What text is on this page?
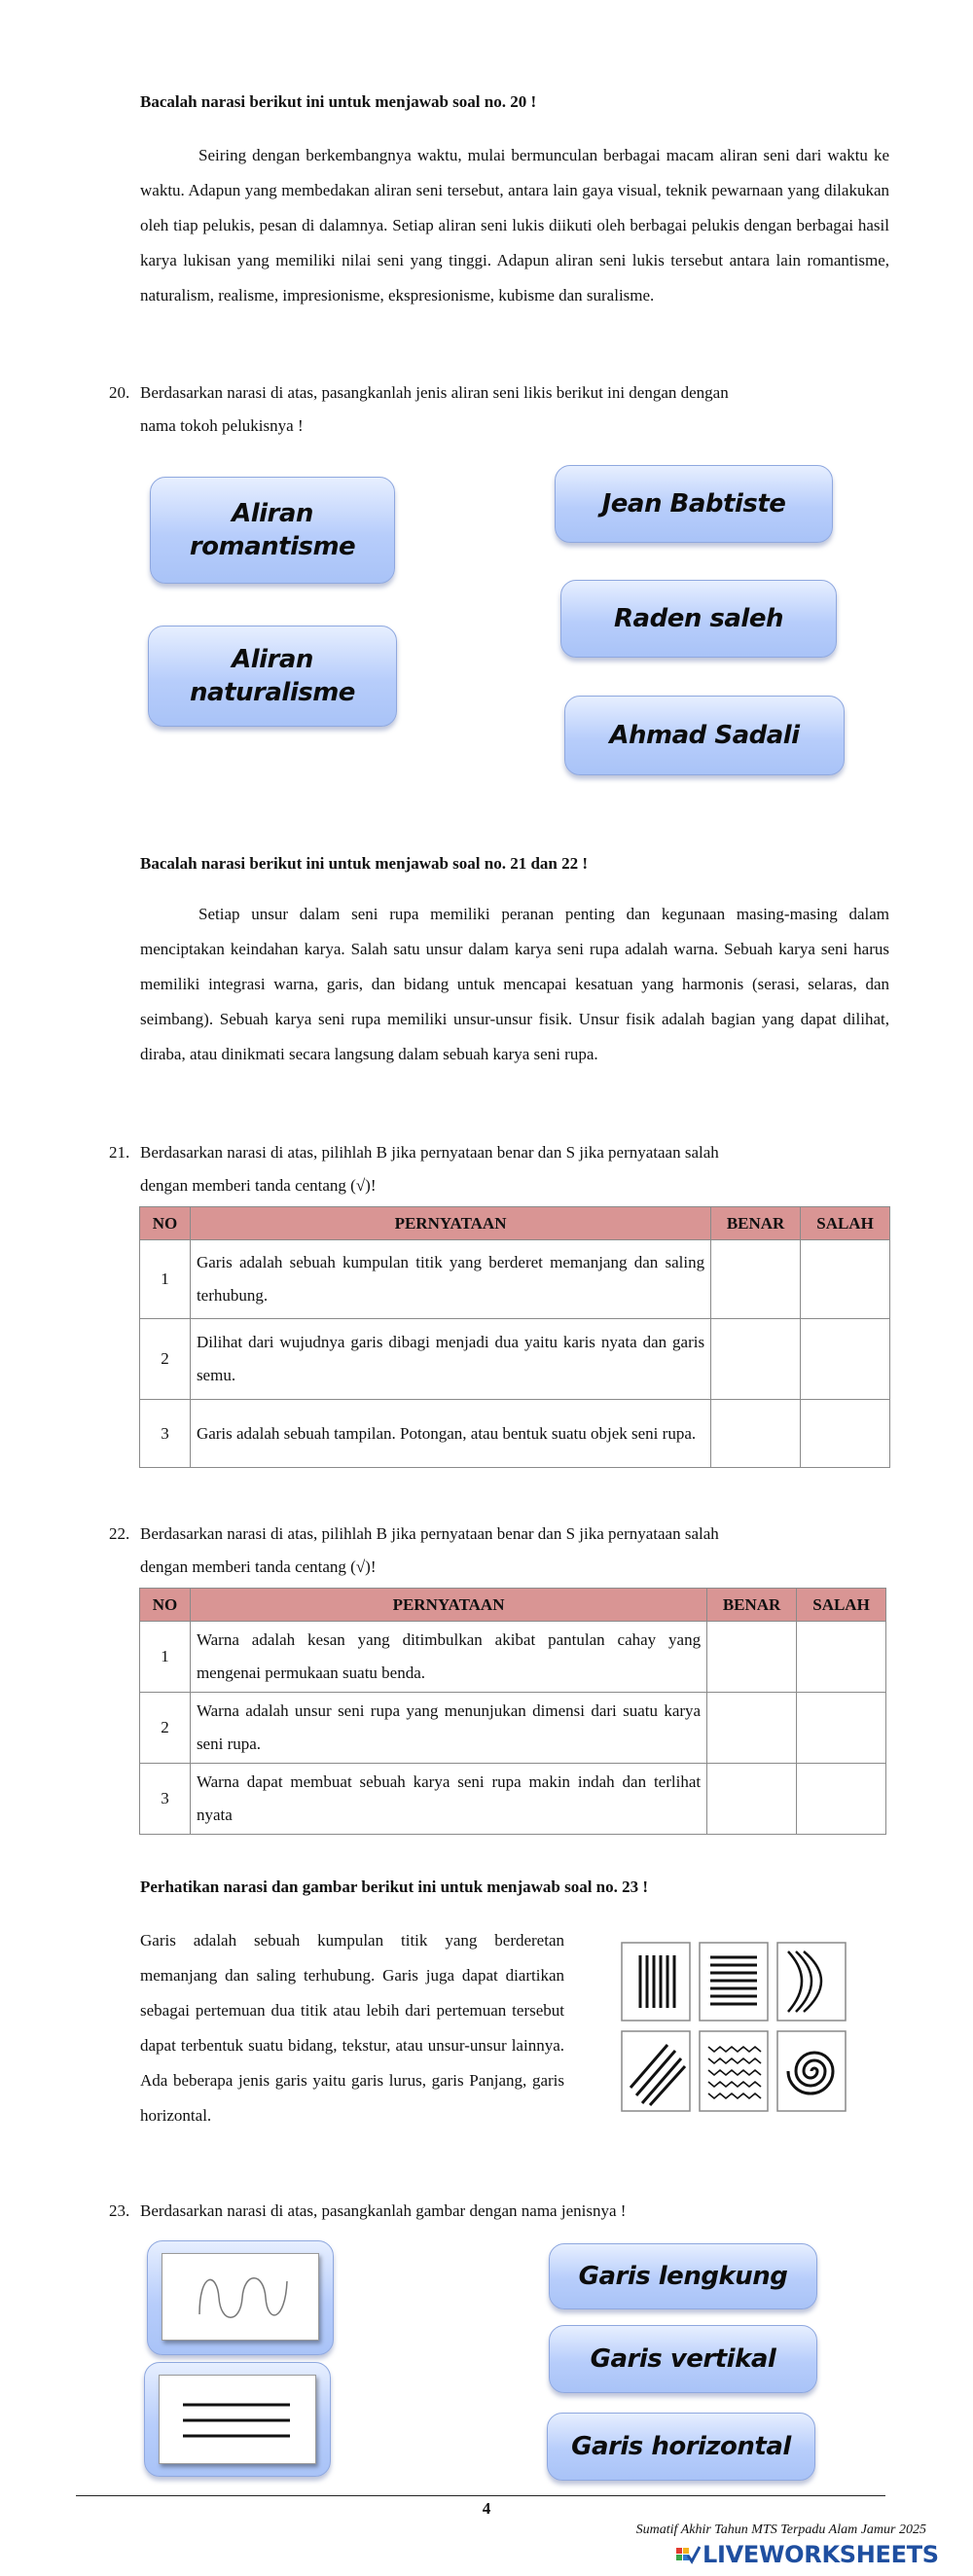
Bacalah narasi berikut ini untuk menjawab soal no. 20 !
Seiring dengan berkembangnya waktu, mulai bermunculan berbagai macam aliran seni dari waktu ke waktu. Adapun yang membedakan aliran seni tersebut, antara lain gaya visual, teknik pewarnaan yang dilakukan oleh tiap pelukis, pesan di dalamnya. Setiap aliran seni lukis diikuti oleh berbagai pelukis dengan berbagai hasil karya lukisan yang memiliki nilai seni yang tinggi. Adapun aliran seni lukis tersebut antara lain romantisme, naturalism, realisme, impresionisme, ekspresionisme, kubisme dan suralisme.
20. Berdasarkan narasi di atas, pasangkanlah jenis aliran seni likis berikut ini dengan dengan
nama tokoh pelukisnya !
Aliran romantisme
Aliran naturalisme
Jean Babtiste
Raden saleh
Ahmad Sadali
Bacalah narasi berikut ini untuk menjawab soal no. 21 dan 22 !
Setiap unsur dalam seni rupa memiliki peranan penting dan kegunaan masing-masing dalam menciptakan keindahan karya. Salah satu unsur dalam karya seni rupa adalah warna. Sebuah karya seni harus memiliki integrasi warna, garis, dan bidang untuk mencapai kesatuan yang harmonis (serasi, selaras, dan seimbang). Sebuah karya seni rupa memiliki unsur-unsur fisik. Unsur fisik adalah bagian yang dapat dilihat, diraba, atau dinikmati secara langsung dalam sebuah karya seni rupa.
21. Berdasarkan narasi di atas, pilihlah B jika pernyataan benar dan S jika pernyataan salah
dengan memberi tanda centang (√)!
NO	PERNYATAAN	BENAR	SALAH
1	Garis adalah sebuah kumpulan titik yang berderet memanjang dan saling terhubung.		
2	Dilihat dari wujudnya garis dibagi menjadi dua yaitu karis nyata dan garis semu.		
3	Garis adalah sebuah tampilan. Potongan, atau bentuk suatu objek seni rupa.		
22. Berdasarkan narasi di atas, pilihlah B jika pernyataan benar dan S jika pernyataan salah
dengan memberi tanda centang (√)!
NO	PERNYATAAN	BENAR	SALAH
1	Warna adalah kesan yang ditimbulkan akibat pantulan cahay yang mengenai permukaan suatu benda.		
2	Warna adalah unsur seni rupa yang menunjukan dimensi dari suatu karya seni rupa.		
3	Warna dapat membuat sebuah karya seni rupa makin indah dan terlihat nyata		
Perhatikan narasi dan gambar berikut ini untuk menjawab soal no. 23 !
Garis adalah sebuah kumpulan titik yang berderetan memanjang dan saling terhubung. Garis juga dapat diartikan sebagai pertemuan dua titik atau lebih dari pertemuan tersebut dapat terbentuk suatu bidang, tekstur, atau unsur-unsur lainnya. Ada beberapa jenis garis yaitu garis lurus, garis Panjang, garis horizontal.
23. Berdasarkan narasi di atas, pasangkanlah gambar dengan nama jenisnya !
Garis lengkung
Garis vertikal
Garis horizontal
4
Sumatif Akhir Tahun MTS Terpadu Alam Jamur 2025
LIVEWORKSHEETS
